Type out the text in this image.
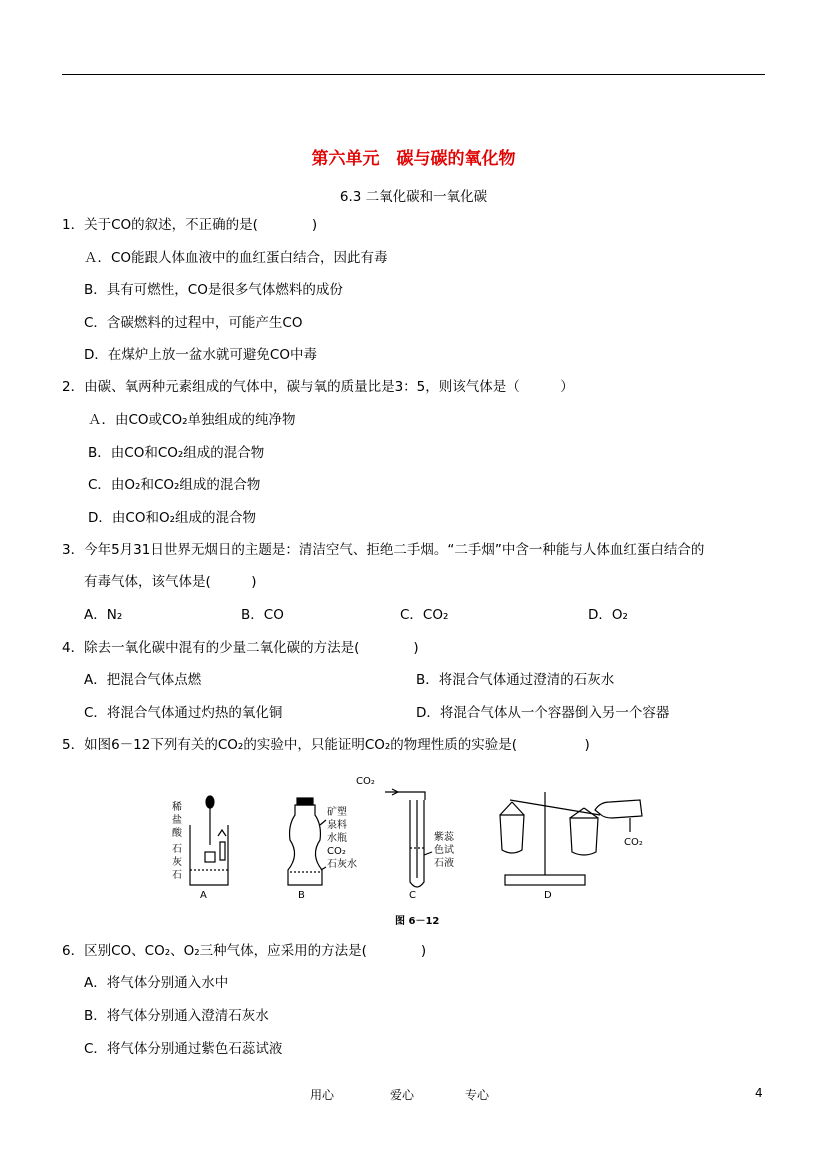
第六单元　碳与碳的氧化物
6.3 二氧化碳和一氧化碳
1．关于CO的叙述，不正确的是(　　　　)
Ａ．CO能跟人体血液中的血红蛋白结合，因此有毒
B．具有可燃性，CO是很多气体燃料的成份
C．含碳燃料的过程中，可能产生CO
D．在煤炉上放一盆水就可避免CO中毒
2．由碳、氧两种元素组成的气体中，碳与氧的质量比是3：5，则该气体是（　　　）
Ａ．由CO或CO₂单独组成的纯净物
B．由CO和CO₂组成的混合物
C．由O₂和CO₂组成的混合物
D．由CO和O₂组成的混合物
3．今年5月31日世界无烟日的主题是：清洁空气、拒绝二手烟。“二手烟”中含一种能与人体血红蛋白结合的
有毒气体，该气体是(　　　)
A．N₂	B．CO	C．CO₂	D．O₂
4．除去一氧化碳中混有的少量二氧化碳的方法是(　　　　)
A．把混合气体点燃	B．将混合气体通过澄清的石灰水
C．将混合气体通过灼热的氧化铜	D．将混合气体从一个容器倒入另一个容器
5．如图6－12下列有关的CO₂的实验中，只能证明CO₂的物理性质的实验是(　　　　　)
稀
盐
酸
石
灰
石
矿塑
泉料
水瓶
CO₂
石灰水
CO₂
紫蕊
色试
石液
CO₂
A	B	C	D
图 6－12
6．区别CO、CO₂、O₂三种气体，应采用的方法是(　　　　)
A．将气体分别通入水中
B．将气体分别通入澄清石灰水
C．将气体分别通过紫色石蕊试液
用心	爱心	专心	4
